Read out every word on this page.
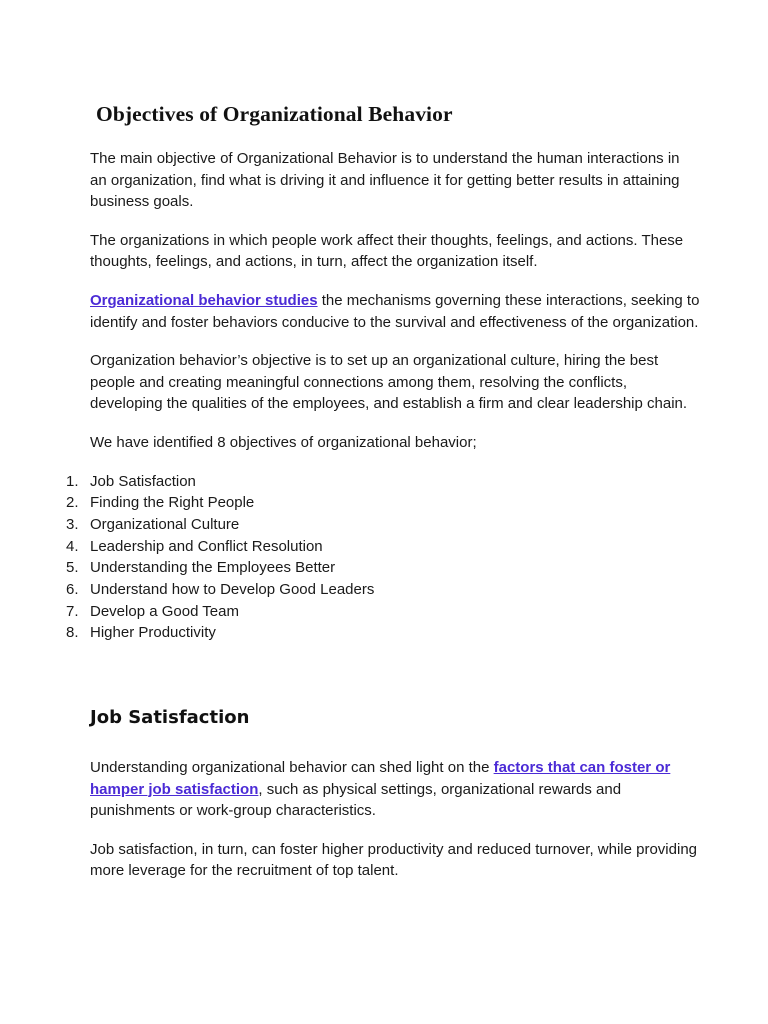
Objectives of Organizational Behavior

The main objective of Organizational Behavior is to understand the human interactions in an organization, find what is driving it and influence it for getting better results in attaining business goals.

The organizations in which people work affect their thoughts, feelings, and actions. These thoughts, feelings, and actions, in turn, affect the organization itself.

Organizational behavior studies the mechanisms governing these interactions, seeking to identify and foster behaviors conducive to the survival and effectiveness of the organization.

Organization behavior’s objective is to set up an organizational culture, hiring the best people and creating meaningful connections among them, resolving the conflicts, developing the qualities of the employees, and establish a firm and clear leadership chain.

We have identified 8 objectives of organizational behavior;

1. Job Satisfaction
2. Finding the Right People
3. Organizational Culture
4. Leadership and Conflict Resolution
5. Understanding the Employees Better
6. Understand how to Develop Good Leaders
7. Develop a Good Team
8. Higher Productivity
Job Satisfaction

Understanding organizational behavior can shed light on the factors that can foster or hamper job satisfaction, such as physical settings, organizational rewards and punishments or work-group characteristics.

Job satisfaction, in turn, can foster higher productivity and reduced turnover, while providing more leverage for the recruitment of top talent.
